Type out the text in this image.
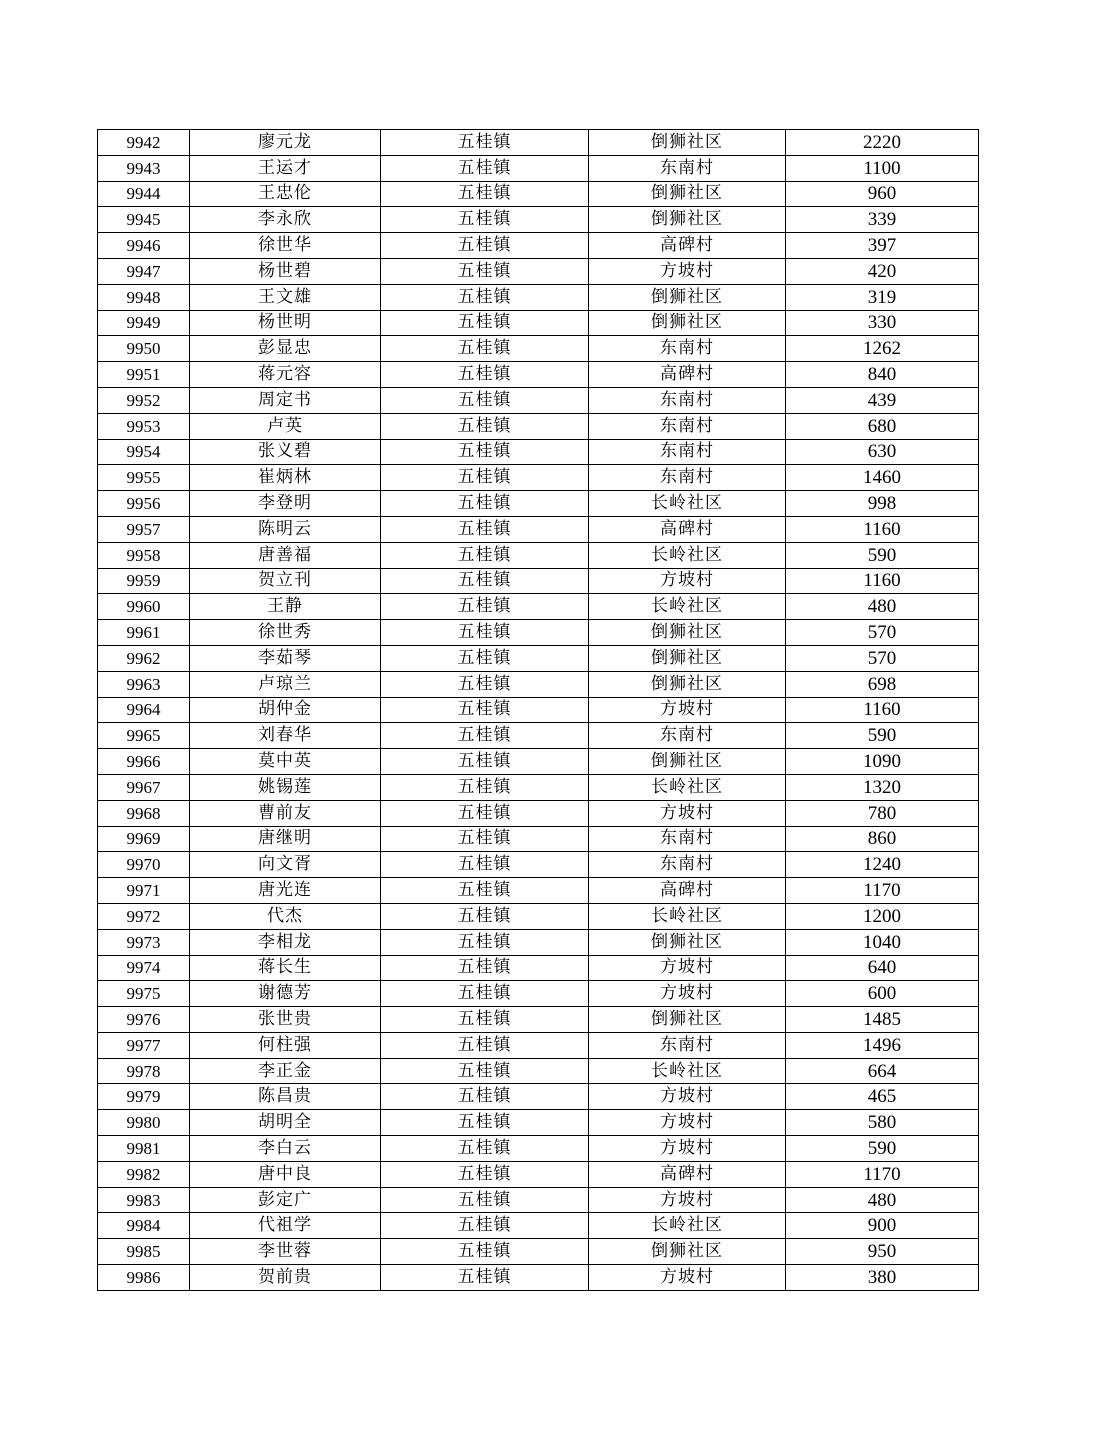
9942	廖元龙	五桂镇	倒狮社区	2220
9943	王运才	五桂镇	东南村	1100
9944	王忠伦	五桂镇	倒狮社区	960
9945	李永欣	五桂镇	倒狮社区	339
9946	徐世华	五桂镇	高碑村	397
9947	杨世碧	五桂镇	方坡村	420
9948	王文雄	五桂镇	倒狮社区	319
9949	杨世明	五桂镇	倒狮社区	330
9950	彭显忠	五桂镇	东南村	1262
9951	蒋元容	五桂镇	高碑村	840
9952	周定书	五桂镇	东南村	439
9953	卢英	五桂镇	东南村	680
9954	张义碧	五桂镇	东南村	630
9955	崔炳林	五桂镇	东南村	1460
9956	李登明	五桂镇	长岭社区	998
9957	陈明云	五桂镇	高碑村	1160
9958	唐善福	五桂镇	长岭社区	590
9959	贺立刊	五桂镇	方坡村	1160
9960	王静	五桂镇	长岭社区	480
9961	徐世秀	五桂镇	倒狮社区	570
9962	李茹琴	五桂镇	倒狮社区	570
9963	卢琼兰	五桂镇	倒狮社区	698
9964	胡仲金	五桂镇	方坡村	1160
9965	刘春华	五桂镇	东南村	590
9966	莫中英	五桂镇	倒狮社区	1090
9967	姚锡莲	五桂镇	长岭社区	1320
9968	曹前友	五桂镇	方坡村	780
9969	唐继明	五桂镇	东南村	860
9970	向文胥	五桂镇	东南村	1240
9971	唐光连	五桂镇	高碑村	1170
9972	代杰	五桂镇	长岭社区	1200
9973	李相龙	五桂镇	倒狮社区	1040
9974	蒋长生	五桂镇	方坡村	640
9975	谢德芳	五桂镇	方坡村	600
9976	张世贵	五桂镇	倒狮社区	1485
9977	何柱强	五桂镇	东南村	1496
9978	李正金	五桂镇	长岭社区	664
9979	陈昌贵	五桂镇	方坡村	465
9980	胡明全	五桂镇	方坡村	580
9981	李白云	五桂镇	方坡村	590
9982	唐中良	五桂镇	高碑村	1170
9983	彭定广	五桂镇	方坡村	480
9984	代祖学	五桂镇	长岭社区	900
9985	李世蓉	五桂镇	倒狮社区	950
9986	贺前贵	五桂镇	方坡村	380
